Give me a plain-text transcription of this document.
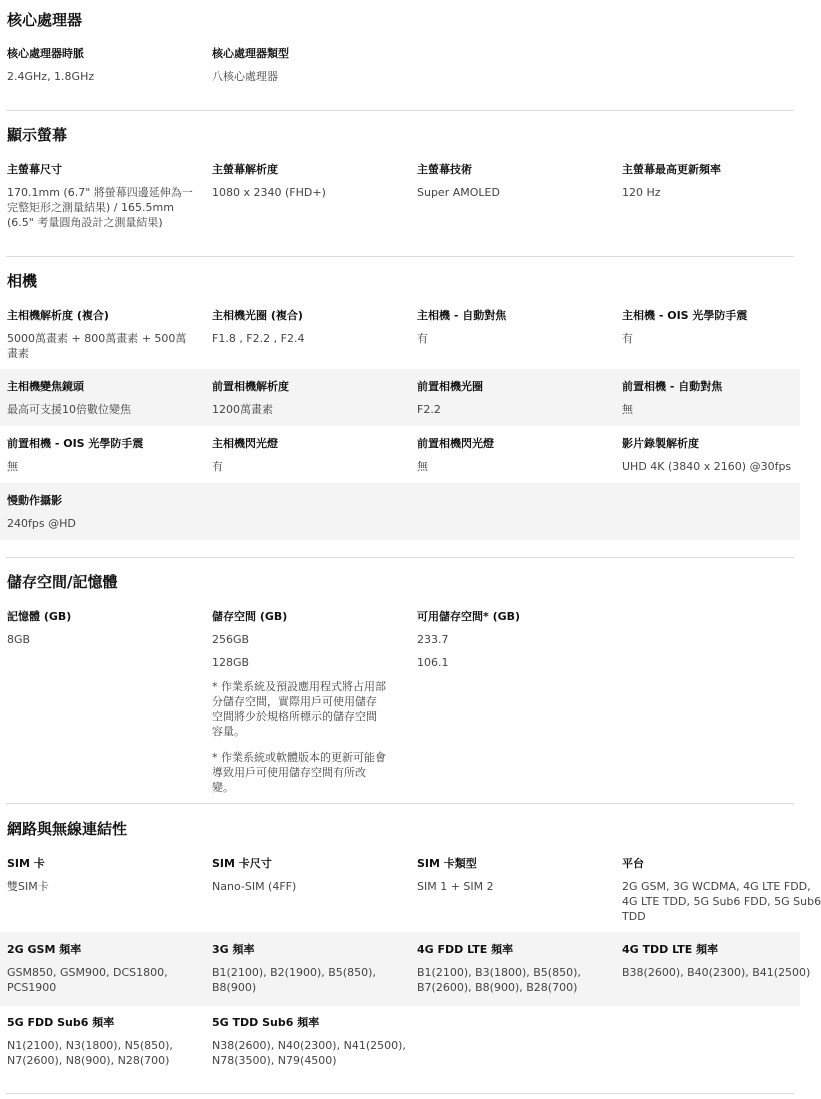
核心處理器
核心處理器時脈
2.4GHz, 1.8GHz
核心處理器類型
八核心處理器
顯示螢幕
主螢幕尺寸
170.1mm (6.7" 將螢幕四邊延伸為一
完整矩形之測量結果) / 165.5mm
(6.5" 考量圓角設計之測量結果)
主螢幕解析度
1080 x 2340 (FHD+)
主螢幕技術
Super AMOLED
主螢幕最高更新頻率
120 Hz
相機
主相機解析度 (複合)
5000萬畫素 + 800萬畫素 + 500萬
畫素
主相機光圈 (複合)
F1.8 , F2.2 , F2.4
主相機 - 自動對焦
有
主相機 - OIS 光學防手震
有
主相機變焦鏡頭
最高可支援10倍數位變焦
前置相機解析度
1200萬畫素
前置相機光圈
F2.2
前置相機 - 自動對焦
無
前置相機 - OIS 光學防手震
無
主相機閃光燈
有
前置相機閃光燈
無
影片錄製解析度
UHD 4K (3840 x 2160) @30fps
慢動作攝影
240fps @HD
儲存空間/記憶體
記憶體 (GB)
8GB
儲存空間 (GB)
256GB
128GB
* 作業系統及預設應用程式將占用部
分儲存空間，實際用戶可使用儲存
空間將少於規格所標示的儲存空間
容量。
* 作業系統或軟體版本的更新可能會
導致用戶可使用儲存空間有所改
變。
可用儲存空間* (GB)
233.7
106.1
網路與無線連結性
SIM 卡
雙SIM卡
SIM 卡尺寸
Nano-SIM (4FF)
SIM 卡類型
SIM 1 + SIM 2
平台
2G GSM, 3G WCDMA, 4G LTE FDD,
4G LTE TDD, 5G Sub6 FDD, 5G Sub6
TDD
2G GSM 頻率
GSM850, GSM900, DCS1800,
PCS1900
3G 頻率
B1(2100), B2(1900), B5(850),
B8(900)
4G FDD LTE 頻率
B1(2100), B3(1800), B5(850),
B7(2600), B8(900), B28(700)
4G TDD LTE 頻率
B38(2600), B40(2300), B41(2500)
5G FDD Sub6 頻率
N1(2100), N3(1800), N5(850),
N7(2600), N8(900), N28(700)
5G TDD Sub6 頻率
N38(2600), N40(2300), N41(2500),
N78(3500), N79(4500)
